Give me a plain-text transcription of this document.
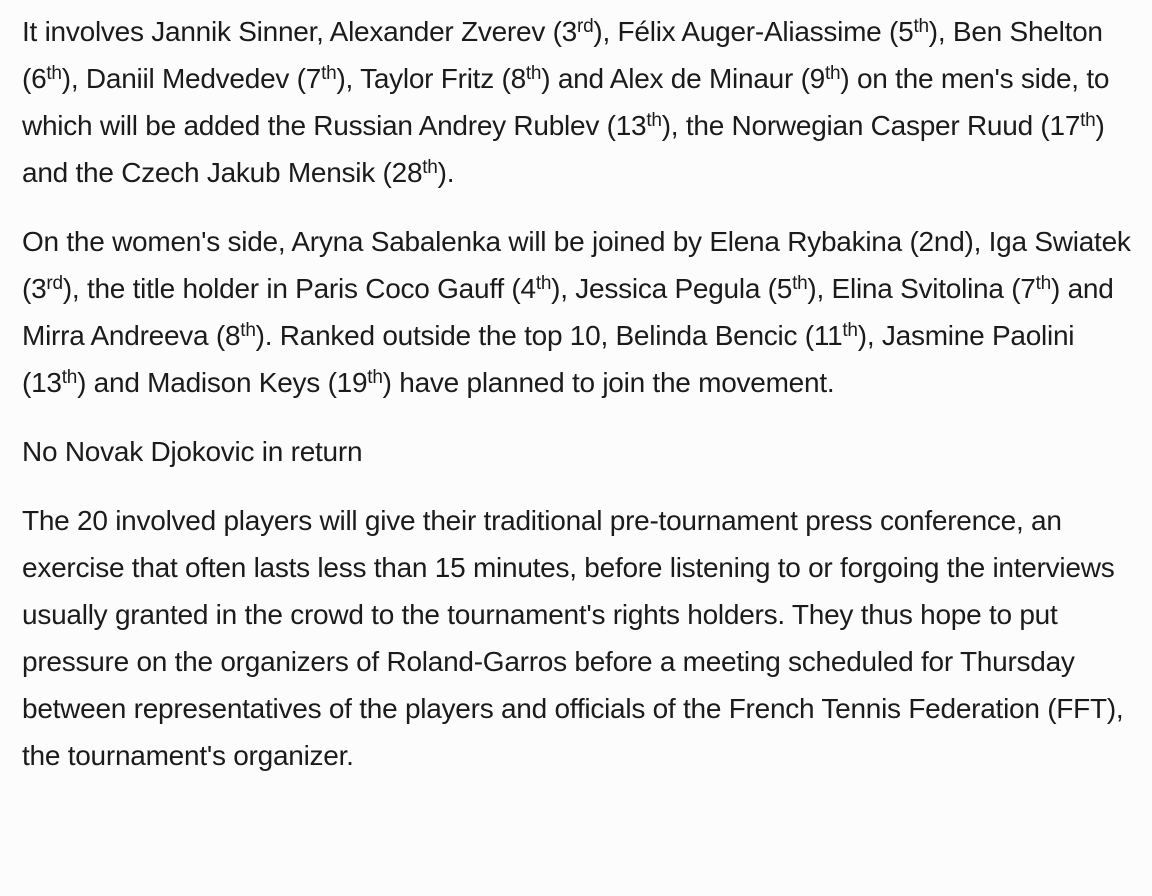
It involves Jannik Sinner, Alexander Zverev (3rd), Félix Auger-Aliassime (5th), Ben Shelton (6th), Daniil Medvedev (7th), Taylor Fritz (8th) and Alex de Minaur (9th) on the men's side, to which will be added the Russian Andrey Rublev (13th), the Norwegian Casper Ruud (17th) and the Czech Jakub Mensik (28th).

On the women's side, Aryna Sabalenka will be joined by Elena Rybakina (2nd), Iga Swiatek (3rd), the title holder in Paris Coco Gauff (4th), Jessica Pegula (5th), Elina Svitolina (7th) and Mirra Andreeva (8th). Ranked outside the top 10, Belinda Bencic (11th), Jasmine Paolini (13th) and Madison Keys (19th) have planned to join the movement.

No Novak Djokovic in return

The 20 involved players will give their traditional pre-tournament press conference, an exercise that often lasts less than 15 minutes, before listening to or forgoing the interviews usually granted in the crowd to the tournament's rights holders. They thus hope to put pressure on the organizers of Roland-Garros before a meeting scheduled for Thursday between representatives of the players and officials of the French Tennis Federation (FFT), the tournament's organizer.
